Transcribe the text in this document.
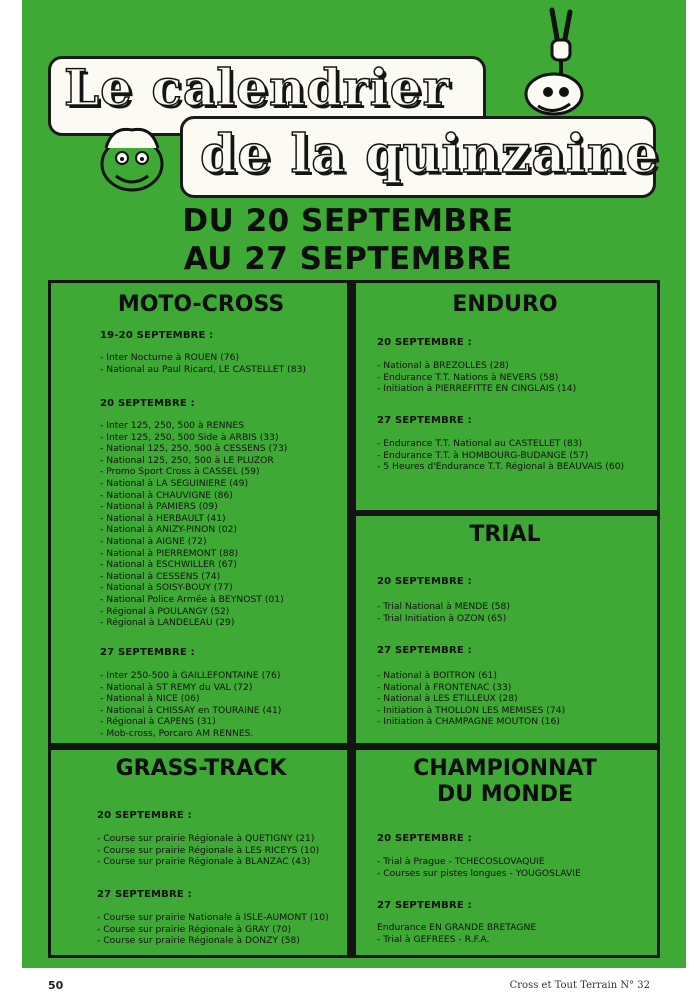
Le calendrier
de la quinzaine
DU 20 SEPTEMBRE
AU 27 SEPTEMBRE
MOTO-CROSS
19-20 SEPTEMBRE :
- Inter Nocturne à ROUEN (76)
- National au Paul Ricard, LE CASTELLET (83)
20 SEPTEMBRE :
- Inter 125, 250, 500 à RENNES
- Inter 125, 250, 500 Side à ARBIS (33)
- National 125, 250, 500 à CESSENS (73)
- National 125, 250, 500 à LE PLUZOR
- Promo Sport Cross à CASSEL (59)
- National à LA SEGUINIERE (49)
- National à CHAUVIGNE (86)
- National à PAMIERS (09)
- National à HERBAULT (41)
- National à ANIZY-PINON (02)
- National à AIGNE (72)
- National à PIERREMONT (88)
- National à ESCHWILLER (67)
- National à CESSENS (74)
- National à SOISY-BOUY (77)
- National Police Armée à BEYNOST (01)
- Régional à POULANGY (52)
- Régional à LANDELEAU (29)
27 SEPTEMBRE :
- Inter 250-500 à GAILLEFONTAINE (76)
- National à ST REMY du VAL (72)
- National à NICE (06)
- National à CHISSAY en TOURAINE (41)
- Régional à CAPENS (31)
- Mob-cross, Porcaro AM RENNES.
ENDURO
20 SEPTEMBRE :
- National à BREZOLLES (28)
- Endurance T.T. Nations à NEVERS (58)
- Initiation à PIERREFITTE EN CINGLAIS (14)
27 SEPTEMBRE :
- Endurance T.T. National au CASTELLET (83)
- Endurance T.T. à HOMBOURG-BUDANGE (57)
- 5 Heures d'Endurance T.T. Régional à BEAUVAIS (60)
TRIAL
20 SEPTEMBRE :
- Trial National à MENDE (58)
- Trial Initiation à OZON (65)
27 SEPTEMBRE :
- National à BOITRON (61)
- National à FRONTENAC (33)
- National à LES ETILLEUX (28)
- Initiation à THOLLON LES MEMISES (74)
- Initiation à CHAMPAGNE MOUTON (16)
GRASS-TRACK
20 SEPTEMBRE :
- Course sur prairie Régionale à QUETIGNY (21)
- Course sur prairie Régionale à LES RICEYS (10)
- Course sur prairie Régionale à BLANZAC (43)
27 SEPTEMBRE :
- Course sur prairie Nationale à ISLE-AUMONT (10)
- Course sur prairie Régionale à GRAY (70)
- Course sur prairie Régionale à DONZY (58)
CHAMPIONNAT
DU MONDE
20 SEPTEMBRE :
- Trial à Prague - TCHECOSLOVAQUIE
- Courses sur pistes longues - YOUGOSLAVIE
27 SEPTEMBRE :
Endurance EN GRANDE BRETAGNE
- Trial à GEFREES - R.F.A.
50	Cross et Tout Terrain N° 32
